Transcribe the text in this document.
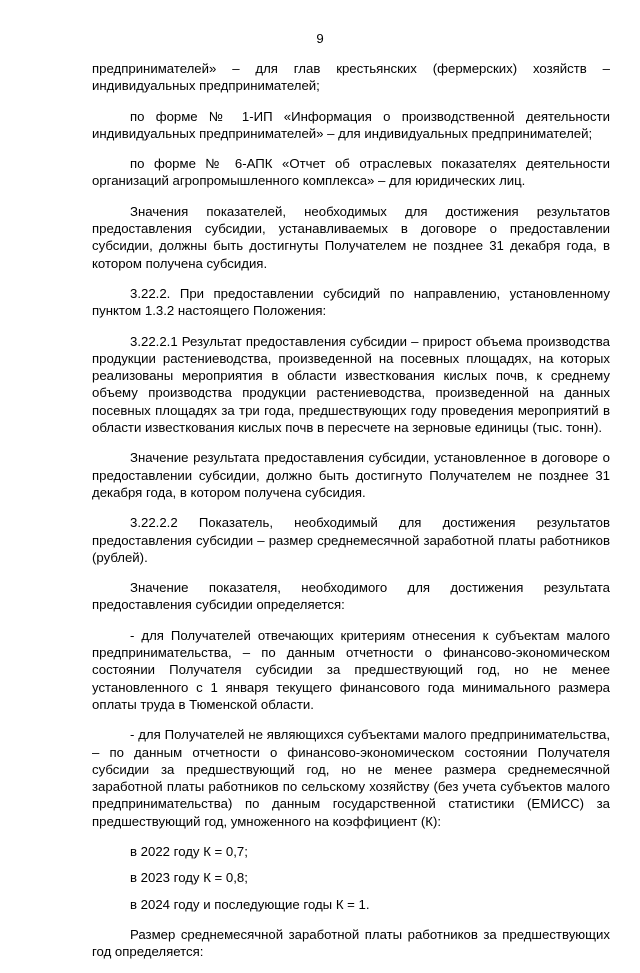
9

предпринимателей» – для глав крестьянских (фермерских) хозяйств – индивидуальных предпринимателей;

по форме № 1-ИП «Информация о производственной деятельности индивидуальных предпринимателей» – для индивидуальных предпринимателей;

по форме № 6-АПК «Отчет об отраслевых показателях деятельности организаций агропромышленного комплекса» – для юридических лиц.

Значения показателей, необходимых для достижения результатов предоставления субсидии, устанавливаемых в договоре о предоставлении субсидии, должны быть достигнуты Получателем не позднее 31 декабря года, в котором получена субсидия.

3.22.2. При предоставлении субсидий по направлению, установленному пунктом 1.3.2 настоящего Положения:

3.22.2.1 Результат предоставления субсидии – прирост объема производства продукции растениеводства, произведенной на посевных площадях, на которых реализованы мероприятия в области известкования кислых почв, к среднему объему производства продукции растениеводства, произведенной на данных посевных площадях за три года, предшествующих году проведения мероприятий в области известкования кислых почв в пересчете на зерновые единицы (тыс. тонн).

Значение результата предоставления субсидии, установленное в договоре о предоставлении субсидии, должно быть достигнуто Получателем не позднее 31 декабря года, в котором получена субсидия.

3.22.2.2 Показатель, необходимый для достижения результатов предоставления субсидии – размер среднемесячной заработной платы работников (рублей).

Значение показателя, необходимого для достижения результата предоставления субсидии определяется:

- для Получателей отвечающих критериям отнесения к субъектам малого предпринимательства, – по данным отчетности о финансово-экономическом состоянии Получателя субсидии за предшествующий год, но не менее установленного с 1 января текущего финансового года минимального размера оплаты труда в Тюменской области.

- для Получателей не являющихся субъектами малого предпринимательства, – по данным отчетности о финансово-экономическом состоянии Получателя субсидии за предшествующий год, но не менее размера среднемесячной заработной платы работников по сельскому хозяйству (без учета субъектов малого предпринимательства) по данным государственной статистики (ЕМИСС) за предшествующий год, умноженного на коэффициент (К):

в 2022 году К = 0,7;

в 2023 году К = 0,8;

в 2024 году и последующие годы К = 1.

Размер среднемесячной заработной платы работников за предшествующих год определяется:
